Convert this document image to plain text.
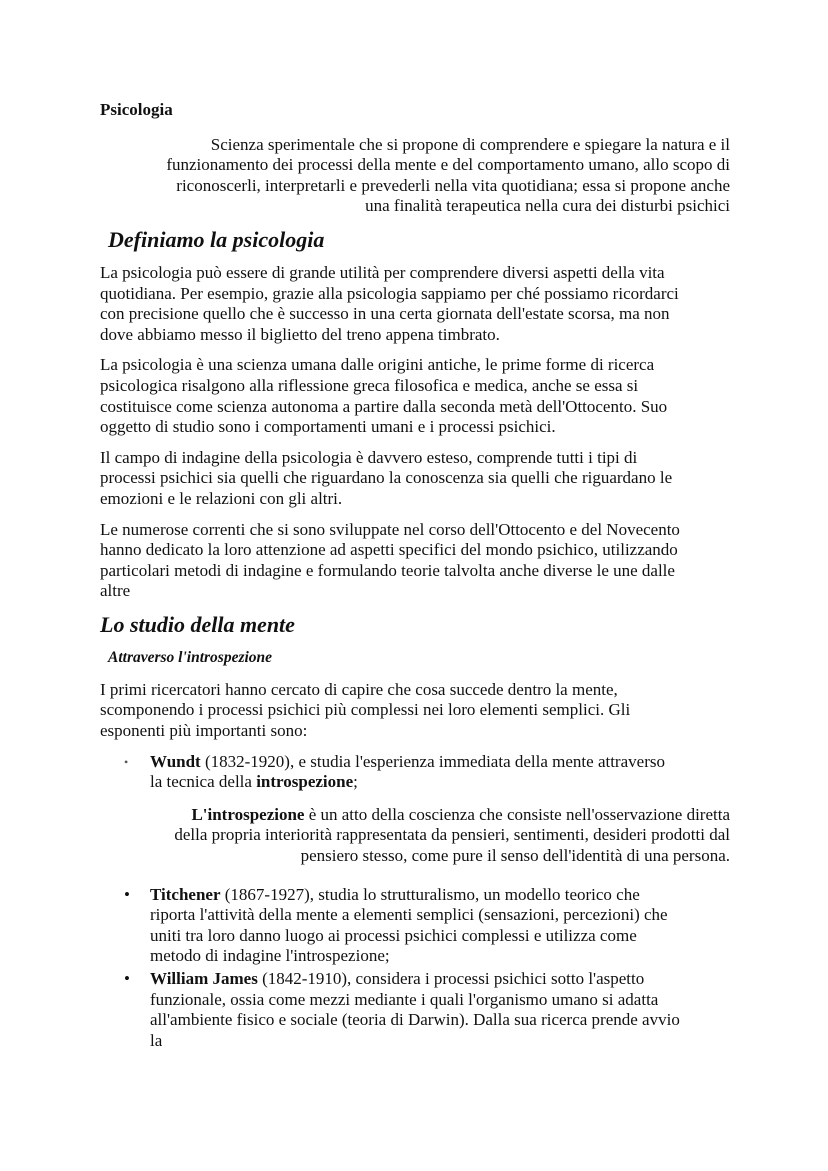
Psicologia

Scienza sperimentale che si propone di comprendere e spiegare la natura e il
funzionamento dei processi della mente e del comportamento umano, allo scopo di
riconoscerli, interpretarli e prevederli nella vita quotidiana; essa si propone anche
una finalità terapeutica nella cura dei disturbi psichici

Definiamo la psicologia

La psicologia può essere di grande utilità per comprendere diversi aspetti della vita
quotidiana. Per esempio, grazie alla psicologia sappiamo per ché possiamo ricordarci
con precisione quello che è successo in una certa giornata dell'estate scorsa, ma non
dove abbiamo messo il biglietto del treno appena timbrato.

La psicologia è una scienza umana dalle origini antiche, le prime forme di ricerca
psicologica risalgono alla riflessione greca filosofica e medica, anche se essa si
costituisce come scienza autonoma a partire dalla seconda metà dell'Ottocento. Suo
oggetto di studio sono i comportamenti umani e i processi psichici.

Il campo di indagine della psicologia è davvero esteso, comprende tutti i tipi di
processi psichici sia quelli che riguardano la conoscenza sia quelli che riguardano le
emozioni e le relazioni con gli altri.

Le numerose correnti che si sono sviluppate nel corso dell'Ottocento e del Novecento
hanno dedicato la loro attenzione ad aspetti specifici del mondo psichico, utilizzando
particolari metodi di indagine e formulando teorie talvolta anche diverse le une dalle
altre

Lo studio della mente
Attraverso l'introspezione

I primi ricercatori hanno cercato di capire che cosa succede dentro la mente,
scomponendo i processi psichici più complessi nei loro elementi semplici. Gli
esponenti più importanti sono:

• Wundt (1832-1920), e studia l'esperienza immediata della mente attraverso
la tecnica della introspezione;

L'introspezione è un atto della coscienza che consiste nell'osservazione diretta
della propria interiorità rappresentata da pensieri, sentimenti, desideri prodotti dal
pensiero stesso, come pure il senso dell'identità di una persona.

• Titchener (1867-1927), studia lo strutturalismo, un modello teorico che
riporta l'attività della mente a elementi semplici (sensazioni, percezioni) che
uniti tra loro danno luogo ai processi psichici complessi e utilizza come
metodo di indagine l'introspezione;
• William James (1842-1910), considera i processi psichici sotto l'aspetto
funzionale, ossia come mezzi mediante i quali l'organismo umano si adatta
all'ambiente fisico e sociale (teoria di Darwin). Dalla sua ricerca prende avvio
la
